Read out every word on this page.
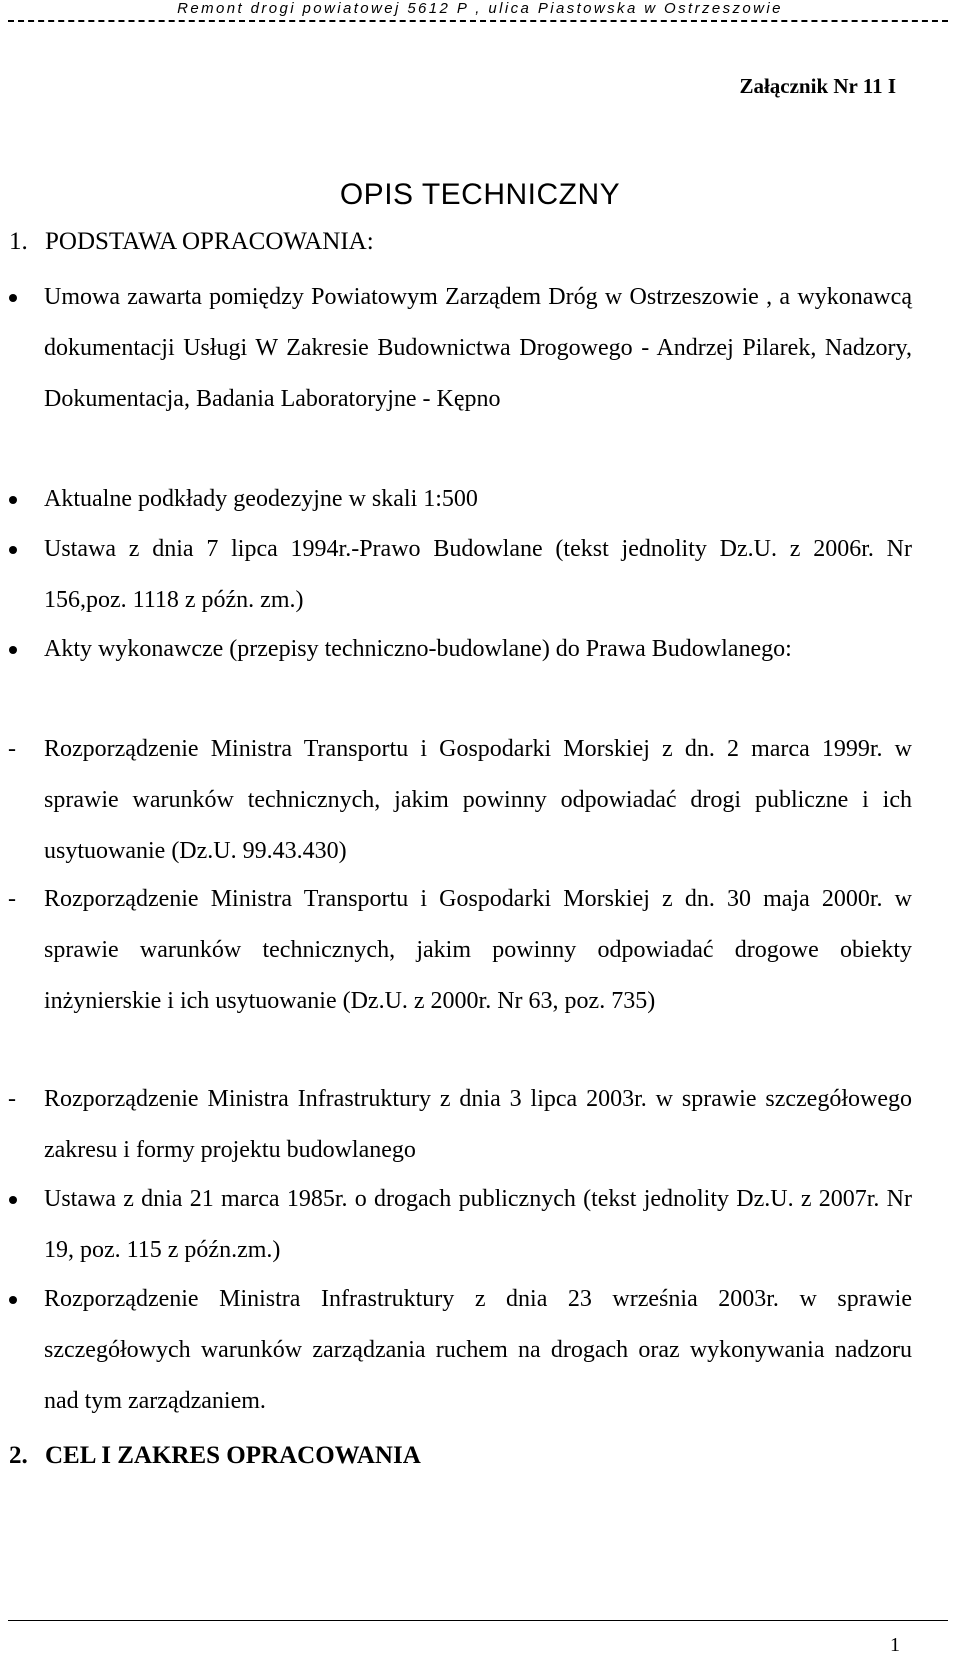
Remont drogi powiatowej 5612 P , ulica Piastowska w Ostrzeszowie
Załącznik Nr 11 I
OPIS TECHNICZNY
1. PODSTAWA OPRACOWANIA:
Umowa zawarta pomiędzy Powiatowym Zarządem Dróg w Ostrzeszowie , a wykonawcą dokumentacji Usługi W Zakresie Budownictwa Drogowego - Andrzej Pilarek, Nadzory, Dokumentacja, Badania Laboratoryjne - Kępno
Aktualne podkłady geodezyjne w skali 1:500
Ustawa z dnia 7 lipca 1994r.-Prawo Budowlane (tekst jednolity Dz.U. z 2006r. Nr 156,poz. 1118 z późn. zm.)
Akty wykonawcze (przepisy techniczno-budowlane) do Prawa Budowlanego:
- Rozporządzenie Ministra Transportu i Gospodarki Morskiej z dn. 2 marca 1999r. w sprawie warunków technicznych, jakim powinny odpowiadać drogi publiczne i ich usytuowanie (Dz.U. 99.43.430)
- Rozporządzenie Ministra Transportu i Gospodarki Morskiej z dn. 30 maja 2000r. w sprawie warunków technicznych, jakim powinny odpowiadać drogowe obiekty inżynierskie i ich usytuowanie (Dz.U. z 2000r. Nr 63, poz. 735)
- Rozporządzenie Ministra Infrastruktury z dnia 3 lipca 2003r. w sprawie szczegółowego zakresu i formy projektu budowlanego
Ustawa z dnia 21 marca 1985r. o drogach publicznych (tekst jednolity Dz.U. z 2007r. Nr 19, poz. 115 z późn.zm.)
Rozporządzenie Ministra Infrastruktury z dnia 23 września 2003r. w sprawie szczegółowych warunków zarządzania ruchem na drogach oraz wykonywania nadzoru nad tym zarządzaniem.
2. CEL I ZAKRES OPRACOWANIA
1
